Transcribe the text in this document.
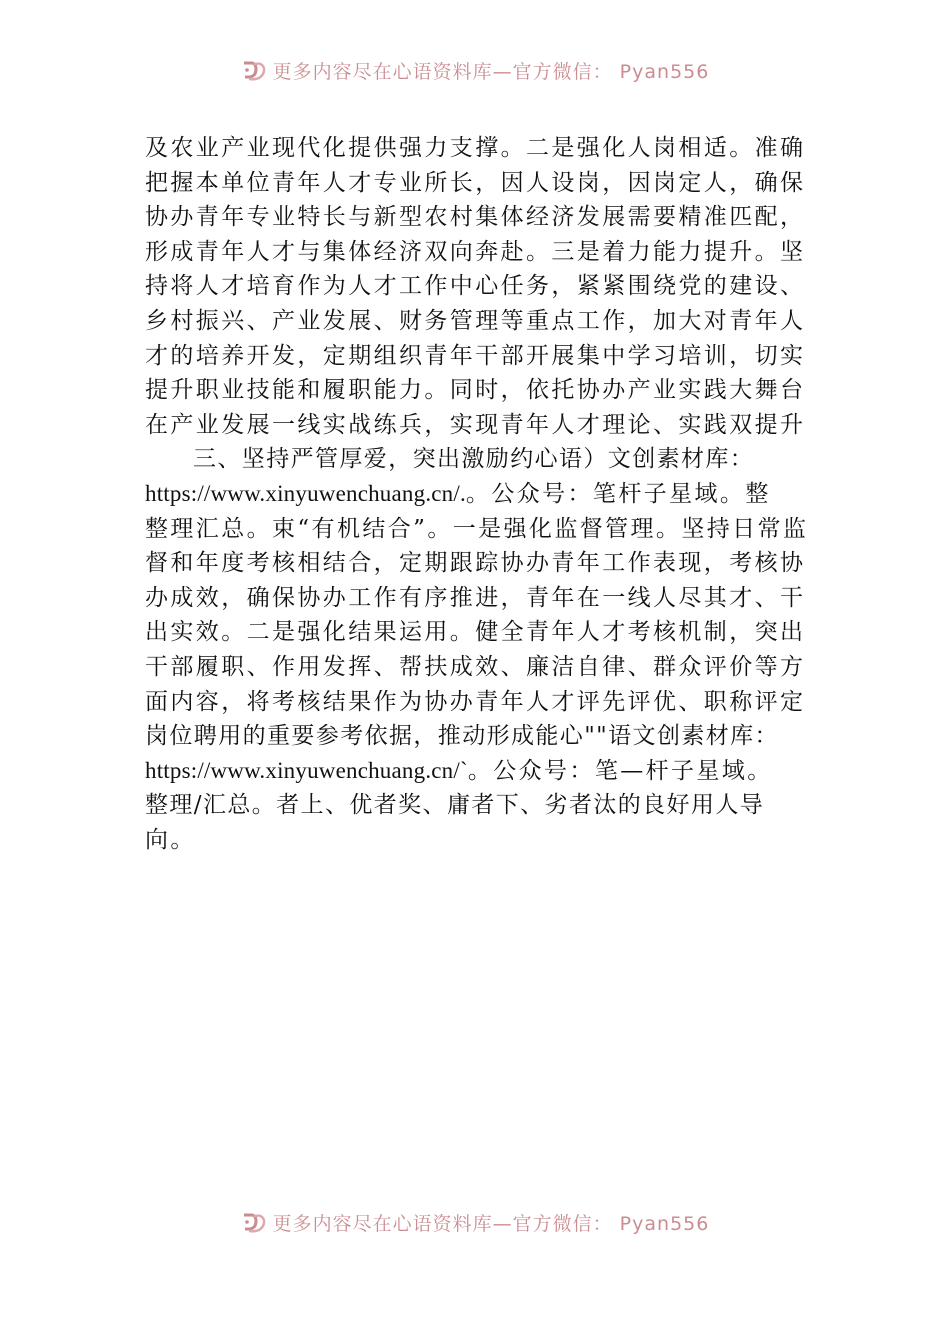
更多内容尽在心语资料库—官方微信： Pyan556
及农业产业现代化提供强力支撑。二是强化人岗相适。准确
把握本单位青年人才专业所长，因人设岗，因岗定人，确保
协办青年专业特长与新型农村集体经济发展需要精准匹配，
形成青年人才与集体经济双向奔赴。三是着力能力提升。坚
持将人才培育作为人才工作中心任务，紧紧围绕党的建设、
乡村振兴、产业发展、财务管理等重点工作，加大对青年人
才的培养开发，定期组织青年干部开展集中学习培训，切实
提升职业技能和履职能力。同时，依托协办产业实践大舞台
在产业发展一线实战练兵，实现青年人才理论、实践双提升
三、坚持严管厚爱，突出激励约心语）文创素材库：
https://www.xinyuwenchuang.cn/.。公众号：笔杆子星域。整
整理汇总。束“有机结合”。一是强化监督管理。坚持日常监
督和年度考核相结合，定期跟踪协办青年工作表现，考核协
办成效，确保协办工作有序推进，青年在一线人尽其才、干
出实效。二是强化结果运用。健全青年人才考核机制，突出
干部履职、作用发挥、帮扶成效、廉洁自律、群众评价等方
面内容，将考核结果作为协办青年人才评先评优、职称评定
岗位聘用的重要参考依据，推动形成能心""语文创素材库：
https://www.xinyuwenchuang.cn/`。公众号：笔—杆子星域。
整理/汇总。者上、优者奖、庸者下、劣者汰的良好用人导
向。
更多内容尽在心语资料库—官方微信： Pyan556
